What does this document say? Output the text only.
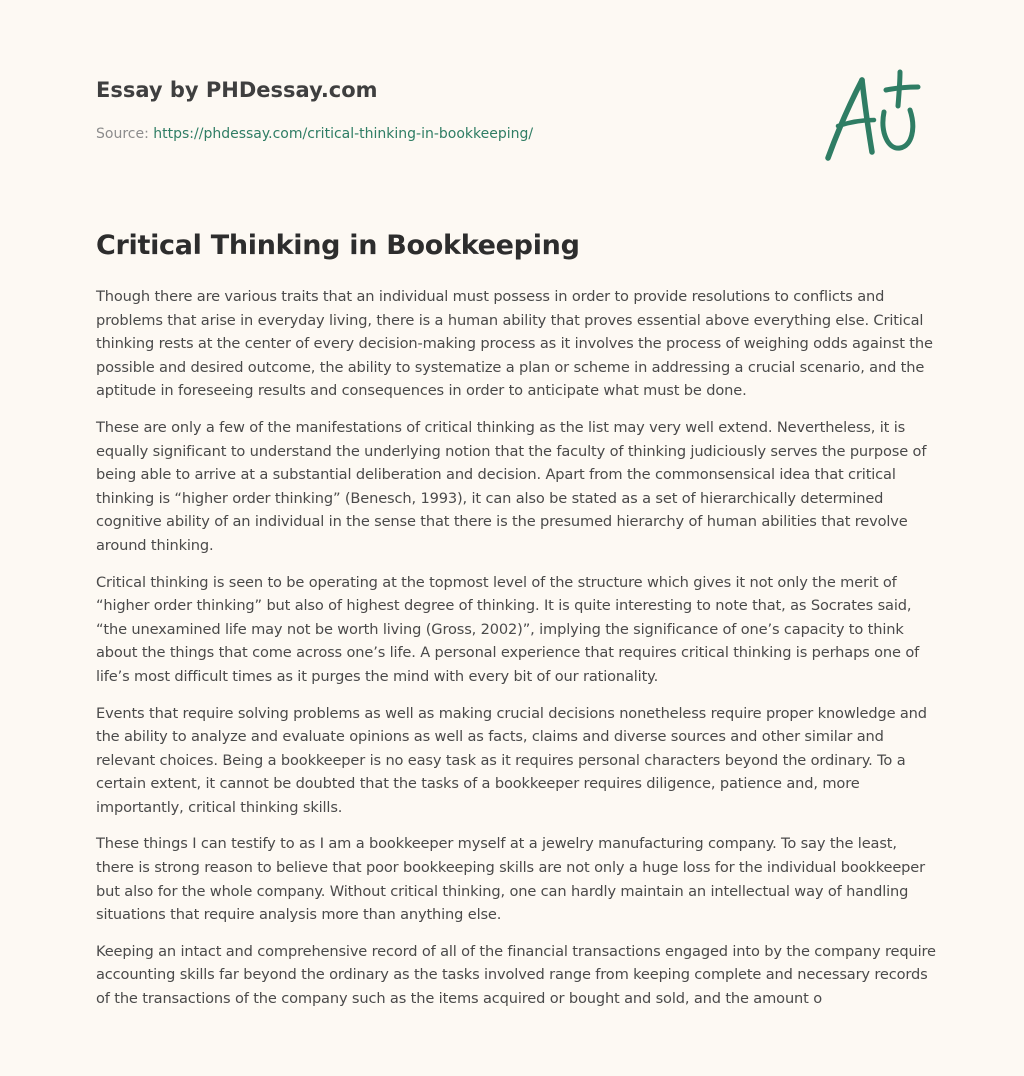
Essay by PHDessay.com
Source: https://phdessay.com/critical-thinking-in-bookkeeping/
Critical Thinking in Bookkeeping

Though there are various traits that an individual must possess in order to provide resolutions to conflicts and problems that arise in everyday living, there is a human ability that proves essential above everything else. Critical thinking rests at the center of every decision-making process as it involves the process of weighing odds against the possible and desired outcome, the ability to systematize a plan or scheme in addressing a crucial scenario, and the aptitude in foreseeing results and consequences in order to anticipate what must be done.

These are only a few of the manifestations of critical thinking as the list may very well extend. Nevertheless, it is equally significant to understand the underlying notion that the faculty of thinking judiciously serves the purpose of being able to arrive at a substantial deliberation and decision. Apart from the commonsensical idea that critical thinking is “higher order thinking” (Benesch, 1993), it can also be stated as a set of hierarchically determined cognitive ability of an individual in the sense that there is the presumed hierarchy of human abilities that revolve around thinking.

Critical thinking is seen to be operating at the topmost level of the structure which gives it not only the merit of “higher order thinking” but also of highest degree of thinking. It is quite interesting to note that, as Socrates said, “the unexamined life may not be worth living (Gross, 2002)”, implying the significance of one’s capacity to think about the things that come across one’s life. A personal experience that requires critical thinking is perhaps one of life’s most difficult times as it purges the mind with every bit of our rationality.

Events that require solving problems as well as making crucial decisions nonetheless require proper knowledge and the ability to analyze and evaluate opinions as well as facts, claims and diverse sources and other similar and relevant choices. Being a bookkeeper is no easy task as it requires personal characters beyond the ordinary. To a certain extent, it cannot be doubted that the tasks of a bookkeeper requires diligence, patience and, more importantly, critical thinking skills.

These things I can testify to as I am a bookkeeper myself at a jewelry manufacturing company. To say the least, there is strong reason to believe that poor bookkeeping skills are not only a huge loss for the individual bookkeeper but also for the whole company. Without critical thinking, one can hardly maintain an intellectual way of handling situations that require analysis more than anything else.

Keeping an intact and comprehensive record of all of the financial transactions engaged into by the company require accounting skills far beyond the ordinary as the tasks involved range from keeping complete and necessary records of the transactions of the company such as the items acquired or bought and sold, and the amount o
